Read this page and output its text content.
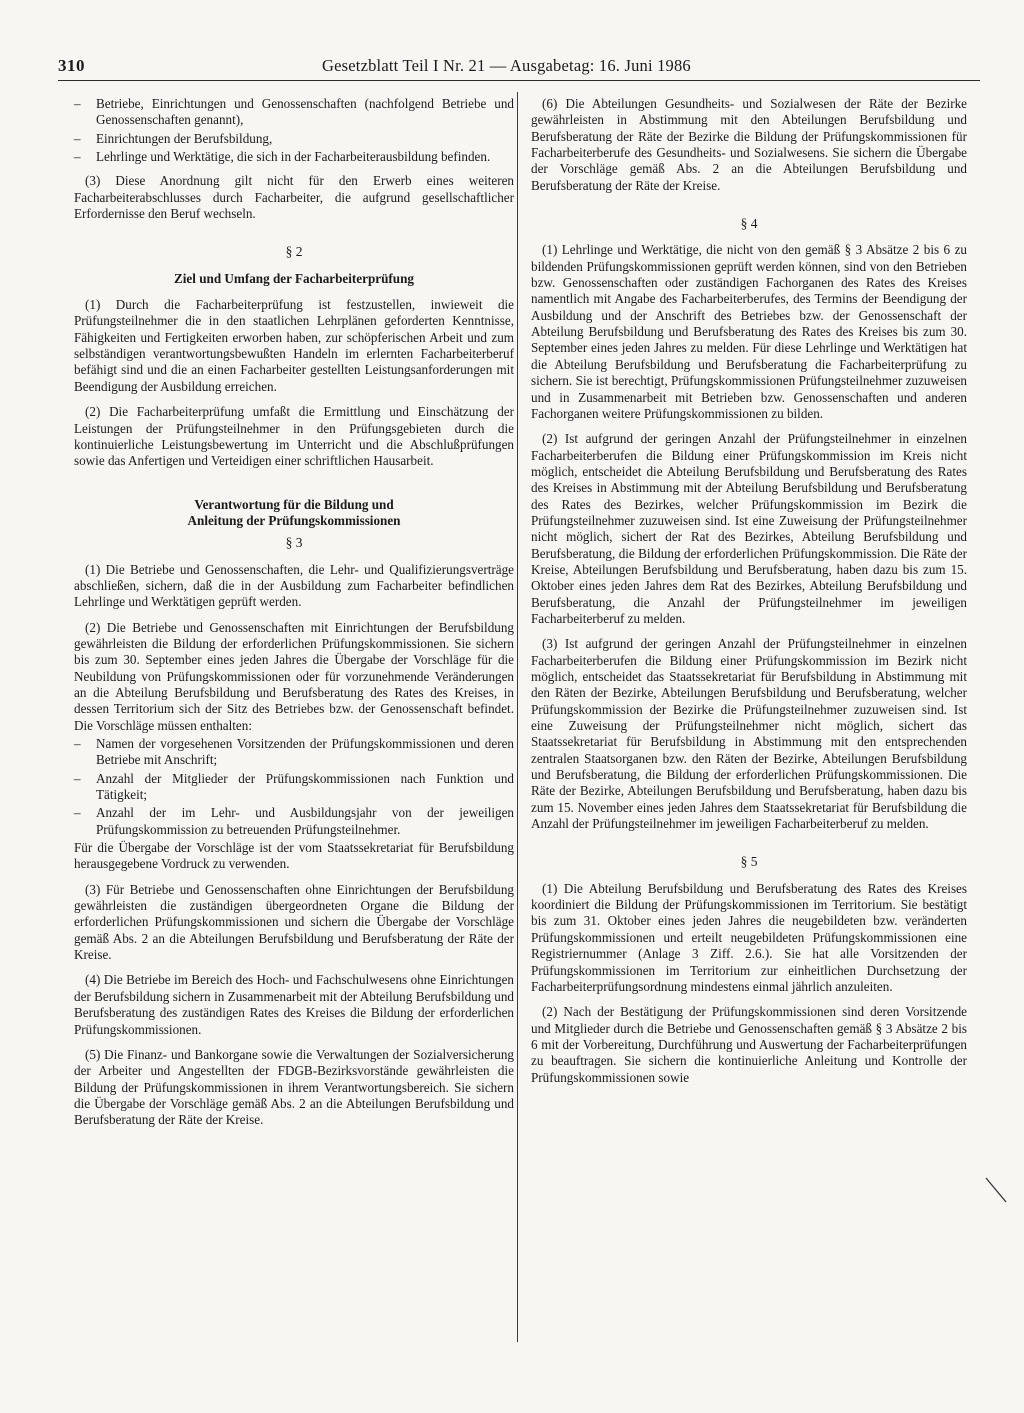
310	Gesetzblatt Teil I Nr. 21 — Ausgabetag: 16. Juni 1986
– Betriebe, Einrichtungen und Genossenschaften (nachfolgend Betriebe und Genossenschaften genannt),
– Einrichtungen der Berufsbildung,
– Lehrlinge und Werktätige, die sich in der Facharbeiterausbildung befinden.

(3) Diese Anordnung gilt nicht für den Erwerb eines weiteren Facharbeiterabschlusses durch Facharbeiter, die aufgrund gesellschaftlicher Erfordernisse den Beruf wechseln.

§ 2
Ziel und Umfang der Facharbeiterprüfung

(1) Durch die Facharbeiterprüfung ist festzustellen, inwieweit die Prüfungsteilnehmer die in den staatlichen Lehrplänen geforderten Kenntnisse, Fähigkeiten und Fertigkeiten erworben haben, zur schöpferischen Arbeit und zum selbständigen verantwortungsbewußten Handeln im erlernten Facharbeiterberuf befähigt sind und die an einen Facharbeiter gestellten Leistungsanforderungen mit Beendigung der Ausbildung erreichen.

(2) Die Facharbeiterprüfung umfaßt die Ermittlung und Einschätzung der Leistungen der Prüfungsteilnehmer in den Prüfungsgebieten durch die kontinuierliche Leistungsbewertung im Unterricht und die Abschlußprüfungen sowie das Anfertigen und Verteidigen einer schriftlichen Hausarbeit.

Verantwortung für die Bildung und
Anleitung der Prüfungskommissionen
§ 3

(1) Die Betriebe und Genossenschaften, die Lehr- und Qualifizierungsverträge abschließen, sichern, daß die in der Ausbildung zum Facharbeiter befindlichen Lehrlinge und Werktätigen geprüft werden.

(2) Die Betriebe und Genossenschaften mit Einrichtungen der Berufsbildung gewährleisten die Bildung der erforderlichen Prüfungskommissionen. Sie sichern bis zum 30. September eines jeden Jahres die Übergabe der Vorschläge für die Neubildung von Prüfungskommissionen oder für vorzunehmende Veränderungen an die Abteilung Berufsbildung und Berufsberatung des Rates des Kreises, in dessen Territorium sich der Sitz des Betriebes bzw. der Genossenschaft befindet. Die Vorschläge müssen enthalten:

– Namen der vorgesehenen Vorsitzenden der Prüfungskommissionen und deren Betriebe mit Anschrift;
– Anzahl der Mitglieder der Prüfungskommissionen nach Funktion und Tätigkeit;
– Anzahl der im Lehr- und Ausbildungsjahr von der jeweiligen Prüfungskommission zu betreuenden Prüfungsteilnehmer.

Für die Übergabe der Vorschläge ist der vom Staatssekretariat für Berufsbildung herausgegebene Vordruck zu verwenden.

(3) Für Betriebe und Genossenschaften ohne Einrichtungen der Berufsbildung gewährleisten die zuständigen übergeordneten Organe die Bildung der erforderlichen Prüfungskommissionen und sichern die Übergabe der Vorschläge gemäß Abs. 2 an die Abteilungen Berufsbildung und Berufsberatung der Räte der Kreise.

(4) Die Betriebe im Bereich des Hoch- und Fachschulwesens ohne Einrichtungen der Berufsbildung sichern in Zusammenarbeit mit der Abteilung Berufsbildung und Berufsberatung des zuständigen Rates des Kreises die Bildung der erforderlichen Prüfungskommissionen.

(5) Die Finanz- und Bankorgane sowie die Verwaltungen der Sozialversicherung der Arbeiter und Angestellten der FDGB-Bezirksvorstände gewährleisten die Bildung der Prüfungskommissionen in ihrem Verantwortungsbereich. Sie sichern die Übergabe der Vorschläge gemäß Abs. 2 an die Abteilungen Berufsbildung und Berufsberatung der Räte der Kreise.

(6) Die Abteilungen Gesundheits- und Sozialwesen der Räte der Bezirke gewährleisten in Abstimmung mit den Abteilungen Berufsbildung und Berufsberatung der Räte der Bezirke die Bildung der Prüfungskommissionen für Facharbeiterberufe des Gesundheits- und Sozialwesens. Sie sichern die Übergabe der Vorschläge gemäß Abs. 2 an die Abteilungen Berufsbildung und Berufsberatung der Räte der Kreise.

§ 4

(1) Lehrlinge und Werktätige, die nicht von den gemäß § 3 Absätze 2 bis 6 zu bildenden Prüfungskommissionen geprüft werden können, sind von den Betrieben bzw. Genossenschaften oder zuständigen Fachorganen des Rates des Kreises namentlich mit Angabe des Facharbeiterberufes, des Termins der Beendigung der Ausbildung und der Anschrift des Betriebes bzw. der Genossenschaft der Abteilung Berufsbildung und Berufsberatung des Rates des Kreises bis zum 30. September eines jeden Jahres zu melden. Für diese Lehrlinge und Werktätigen hat die Abteilung Berufsbildung und Berufsberatung die Facharbeiterprüfung zu sichern. Sie ist berechtigt, Prüfungskommissionen Prüfungsteilnehmer zuzuweisen und in Zusammenarbeit mit Betrieben bzw. Genossenschaften und anderen Fachorganen weitere Prüfungskommissionen zu bilden.

(2) Ist aufgrund der geringen Anzahl der Prüfungsteilnehmer in einzelnen Facharbeiterberufen die Bildung einer Prüfungskommission im Kreis nicht möglich, entscheidet die Abteilung Berufsbildung und Berufsberatung des Rates des Kreises in Abstimmung mit der Abteilung Berufsbildung und Berufsberatung des Rates des Bezirkes, welcher Prüfungskommission im Bezirk die Prüfungsteilnehmer zuzuweisen sind. Ist eine Zuweisung der Prüfungsteilnehmer nicht möglich, sichert der Rat des Bezirkes, Abteilung Berufsbildung und Berufsberatung, die Bildung der erforderlichen Prüfungskommission. Die Räte der Kreise, Abteilungen Berufsbildung und Berufsberatung, haben dazu bis zum 15. Oktober eines jeden Jahres dem Rat des Bezirkes, Abteilung Berufsbildung und Berufsberatung, die Anzahl der Prüfungsteilnehmer im jeweiligen Facharbeiterberuf zu melden.

(3) Ist aufgrund der geringen Anzahl der Prüfungsteilnehmer in einzelnen Facharbeiterberufen die Bildung einer Prüfungskommission im Bezirk nicht möglich, entscheidet das Staatssekretariat für Berufsbildung in Abstimmung mit den Räten der Bezirke, Abteilungen Berufsbildung und Berufsberatung, welcher Prüfungskommission der Bezirke die Prüfungsteilnehmer zuzuweisen sind. Ist eine Zuweisung der Prüfungsteilnehmer nicht möglich, sichert das Staatssekretariat für Berufsbildung in Abstimmung mit den entsprechenden zentralen Staatsorganen bzw. den Räten der Bezirke, Abteilungen Berufsbildung und Berufsberatung, die Bildung der erforderlichen Prüfungskommissionen. Die Räte der Bezirke, Abteilungen Berufsbildung und Berufsberatung, haben dazu bis zum 15. November eines jeden Jahres dem Staatssekretariat für Berufsbildung die Anzahl der Prüfungsteilnehmer im jeweiligen Facharbeiterberuf zu melden.

§ 5

(1) Die Abteilung Berufsbildung und Berufsberatung des Rates des Kreises koordiniert die Bildung der Prüfungskommissionen im Territorium. Sie bestätigt bis zum 31. Oktober eines jeden Jahres die neugebildeten bzw. veränderten Prüfungskommissionen und erteilt neugebildeten Prüfungskommissionen eine Registriernummer (Anlage 3 Ziff. 2.6.). Sie hat alle Vorsitzenden der Prüfungskommissionen im Territorium zur einheitlichen Durchsetzung der Facharbeiterprüfungsordnung mindestens einmal jährlich anzuleiten.

(2) Nach der Bestätigung der Prüfungskommissionen sind deren Vorsitzende und Mitglieder durch die Betriebe und Genossenschaften gemäß § 3 Absätze 2 bis 6 mit der Vorbereitung, Durchführung und Auswertung der Facharbeiterprüfungen zu beauftragen. Sie sichern die kontinuierliche Anleitung und Kontrolle der Prüfungskommissionen sowie
